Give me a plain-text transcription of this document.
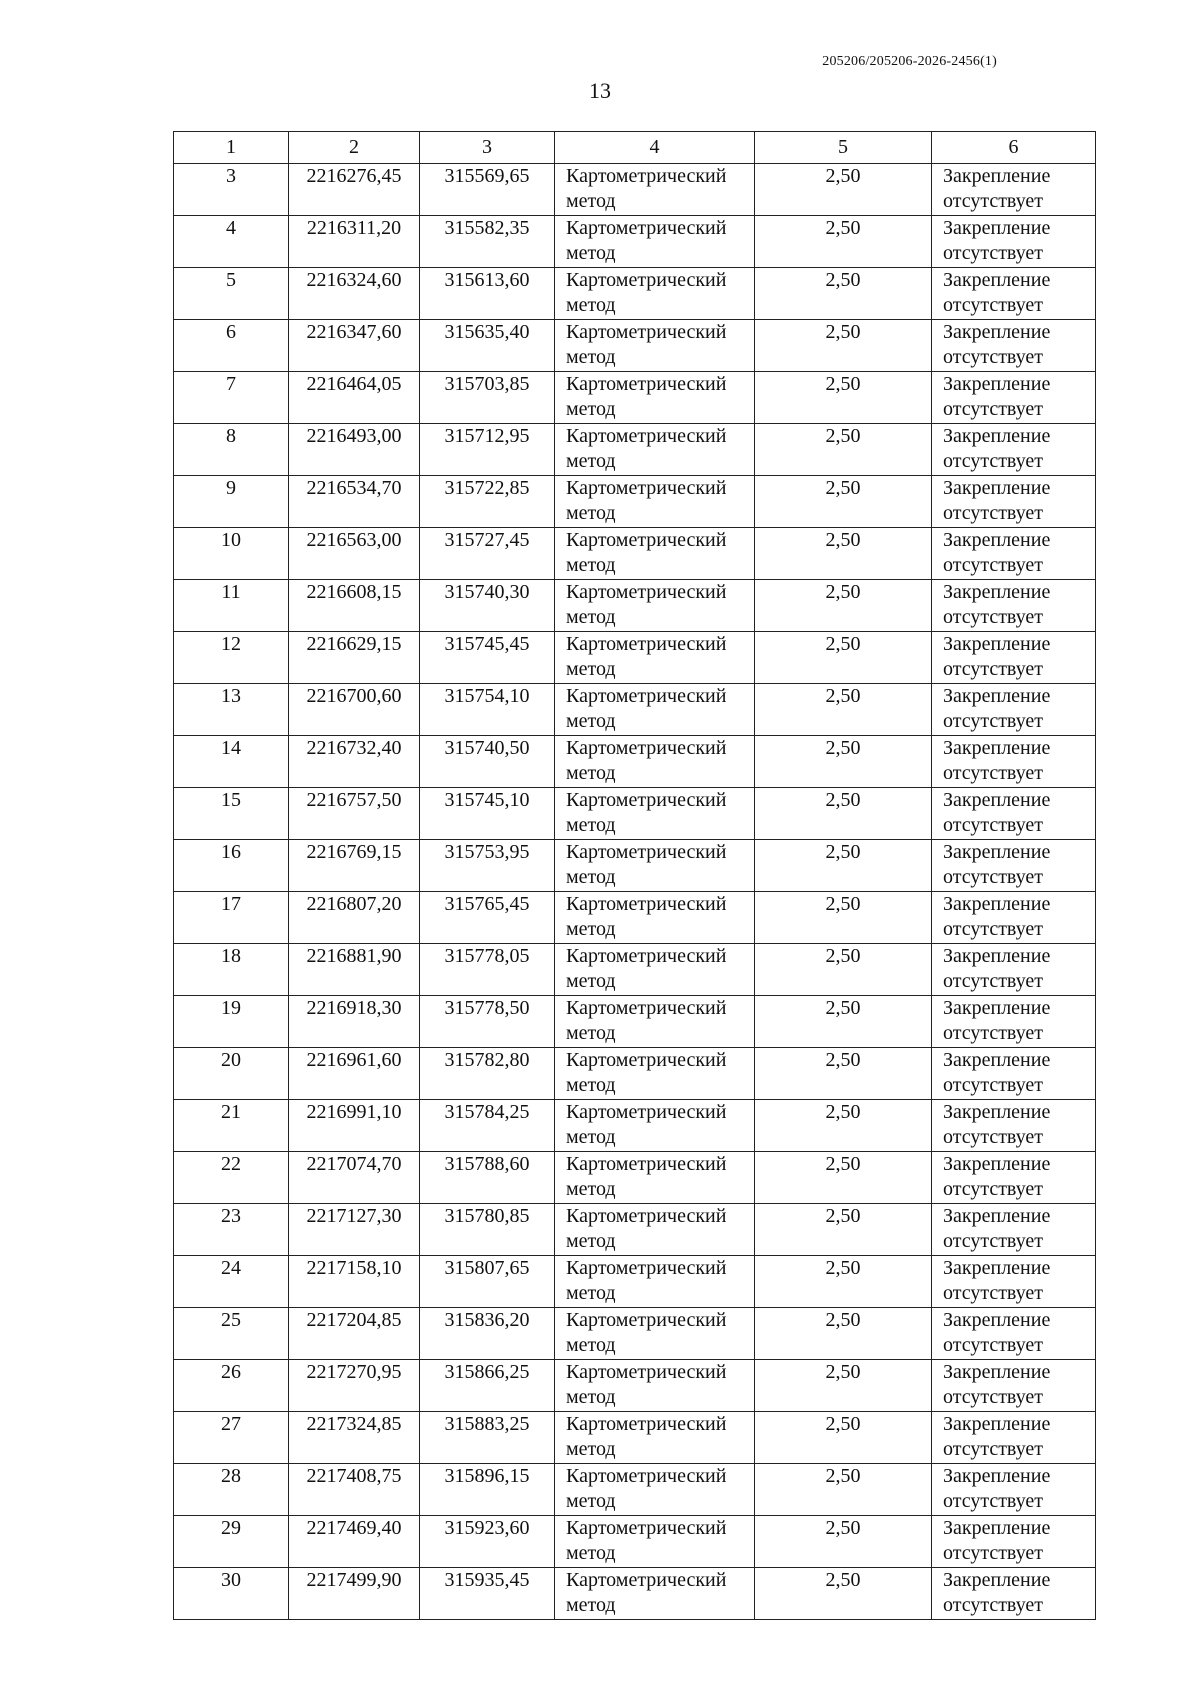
205206/205206-2026-2456(1)
13
1	2	3	4	5	6
3	2216276,45	315569,65	Картометрический метод	2,50	Закрепление отсутствует
4	2216311,20	315582,35	Картометрический метод	2,50	Закрепление отсутствует
5	2216324,60	315613,60	Картометрический метод	2,50	Закрепление отсутствует
6	2216347,60	315635,40	Картометрический метод	2,50	Закрепление отсутствует
7	2216464,05	315703,85	Картометрический метод	2,50	Закрепление отсутствует
8	2216493,00	315712,95	Картометрический метод	2,50	Закрепление отсутствует
9	2216534,70	315722,85	Картометрический метод	2,50	Закрепление отсутствует
10	2216563,00	315727,45	Картометрический метод	2,50	Закрепление отсутствует
11	2216608,15	315740,30	Картометрический метод	2,50	Закрепление отсутствует
12	2216629,15	315745,45	Картометрический метод	2,50	Закрепление отсутствует
13	2216700,60	315754,10	Картометрический метод	2,50	Закрепление отсутствует
14	2216732,40	315740,50	Картометрический метод	2,50	Закрепление отсутствует
15	2216757,50	315745,10	Картометрический метод	2,50	Закрепление отсутствует
16	2216769,15	315753,95	Картометрический метод	2,50	Закрепление отсутствует
17	2216807,20	315765,45	Картометрический метод	2,50	Закрепление отсутствует
18	2216881,90	315778,05	Картометрический метод	2,50	Закрепление отсутствует
19	2216918,30	315778,50	Картометрический метод	2,50	Закрепление отсутствует
20	2216961,60	315782,80	Картометрический метод	2,50	Закрепление отсутствует
21	2216991,10	315784,25	Картометрический метод	2,50	Закрепление отсутствует
22	2217074,70	315788,60	Картометрический метод	2,50	Закрепление отсутствует
23	2217127,30	315780,85	Картометрический метод	2,50	Закрепление отсутствует
24	2217158,10	315807,65	Картометрический метод	2,50	Закрепление отсутствует
25	2217204,85	315836,20	Картометрический метод	2,50	Закрепление отсутствует
26	2217270,95	315866,25	Картометрический метод	2,50	Закрепление отсутствует
27	2217324,85	315883,25	Картометрический метод	2,50	Закрепление отсутствует
28	2217408,75	315896,15	Картометрический метод	2,50	Закрепление отсутствует
29	2217469,40	315923,60	Картометрический метод	2,50	Закрепление отсутствует
30	2217499,90	315935,45	Картометрический метод	2,50	Закрепление отсутствует
